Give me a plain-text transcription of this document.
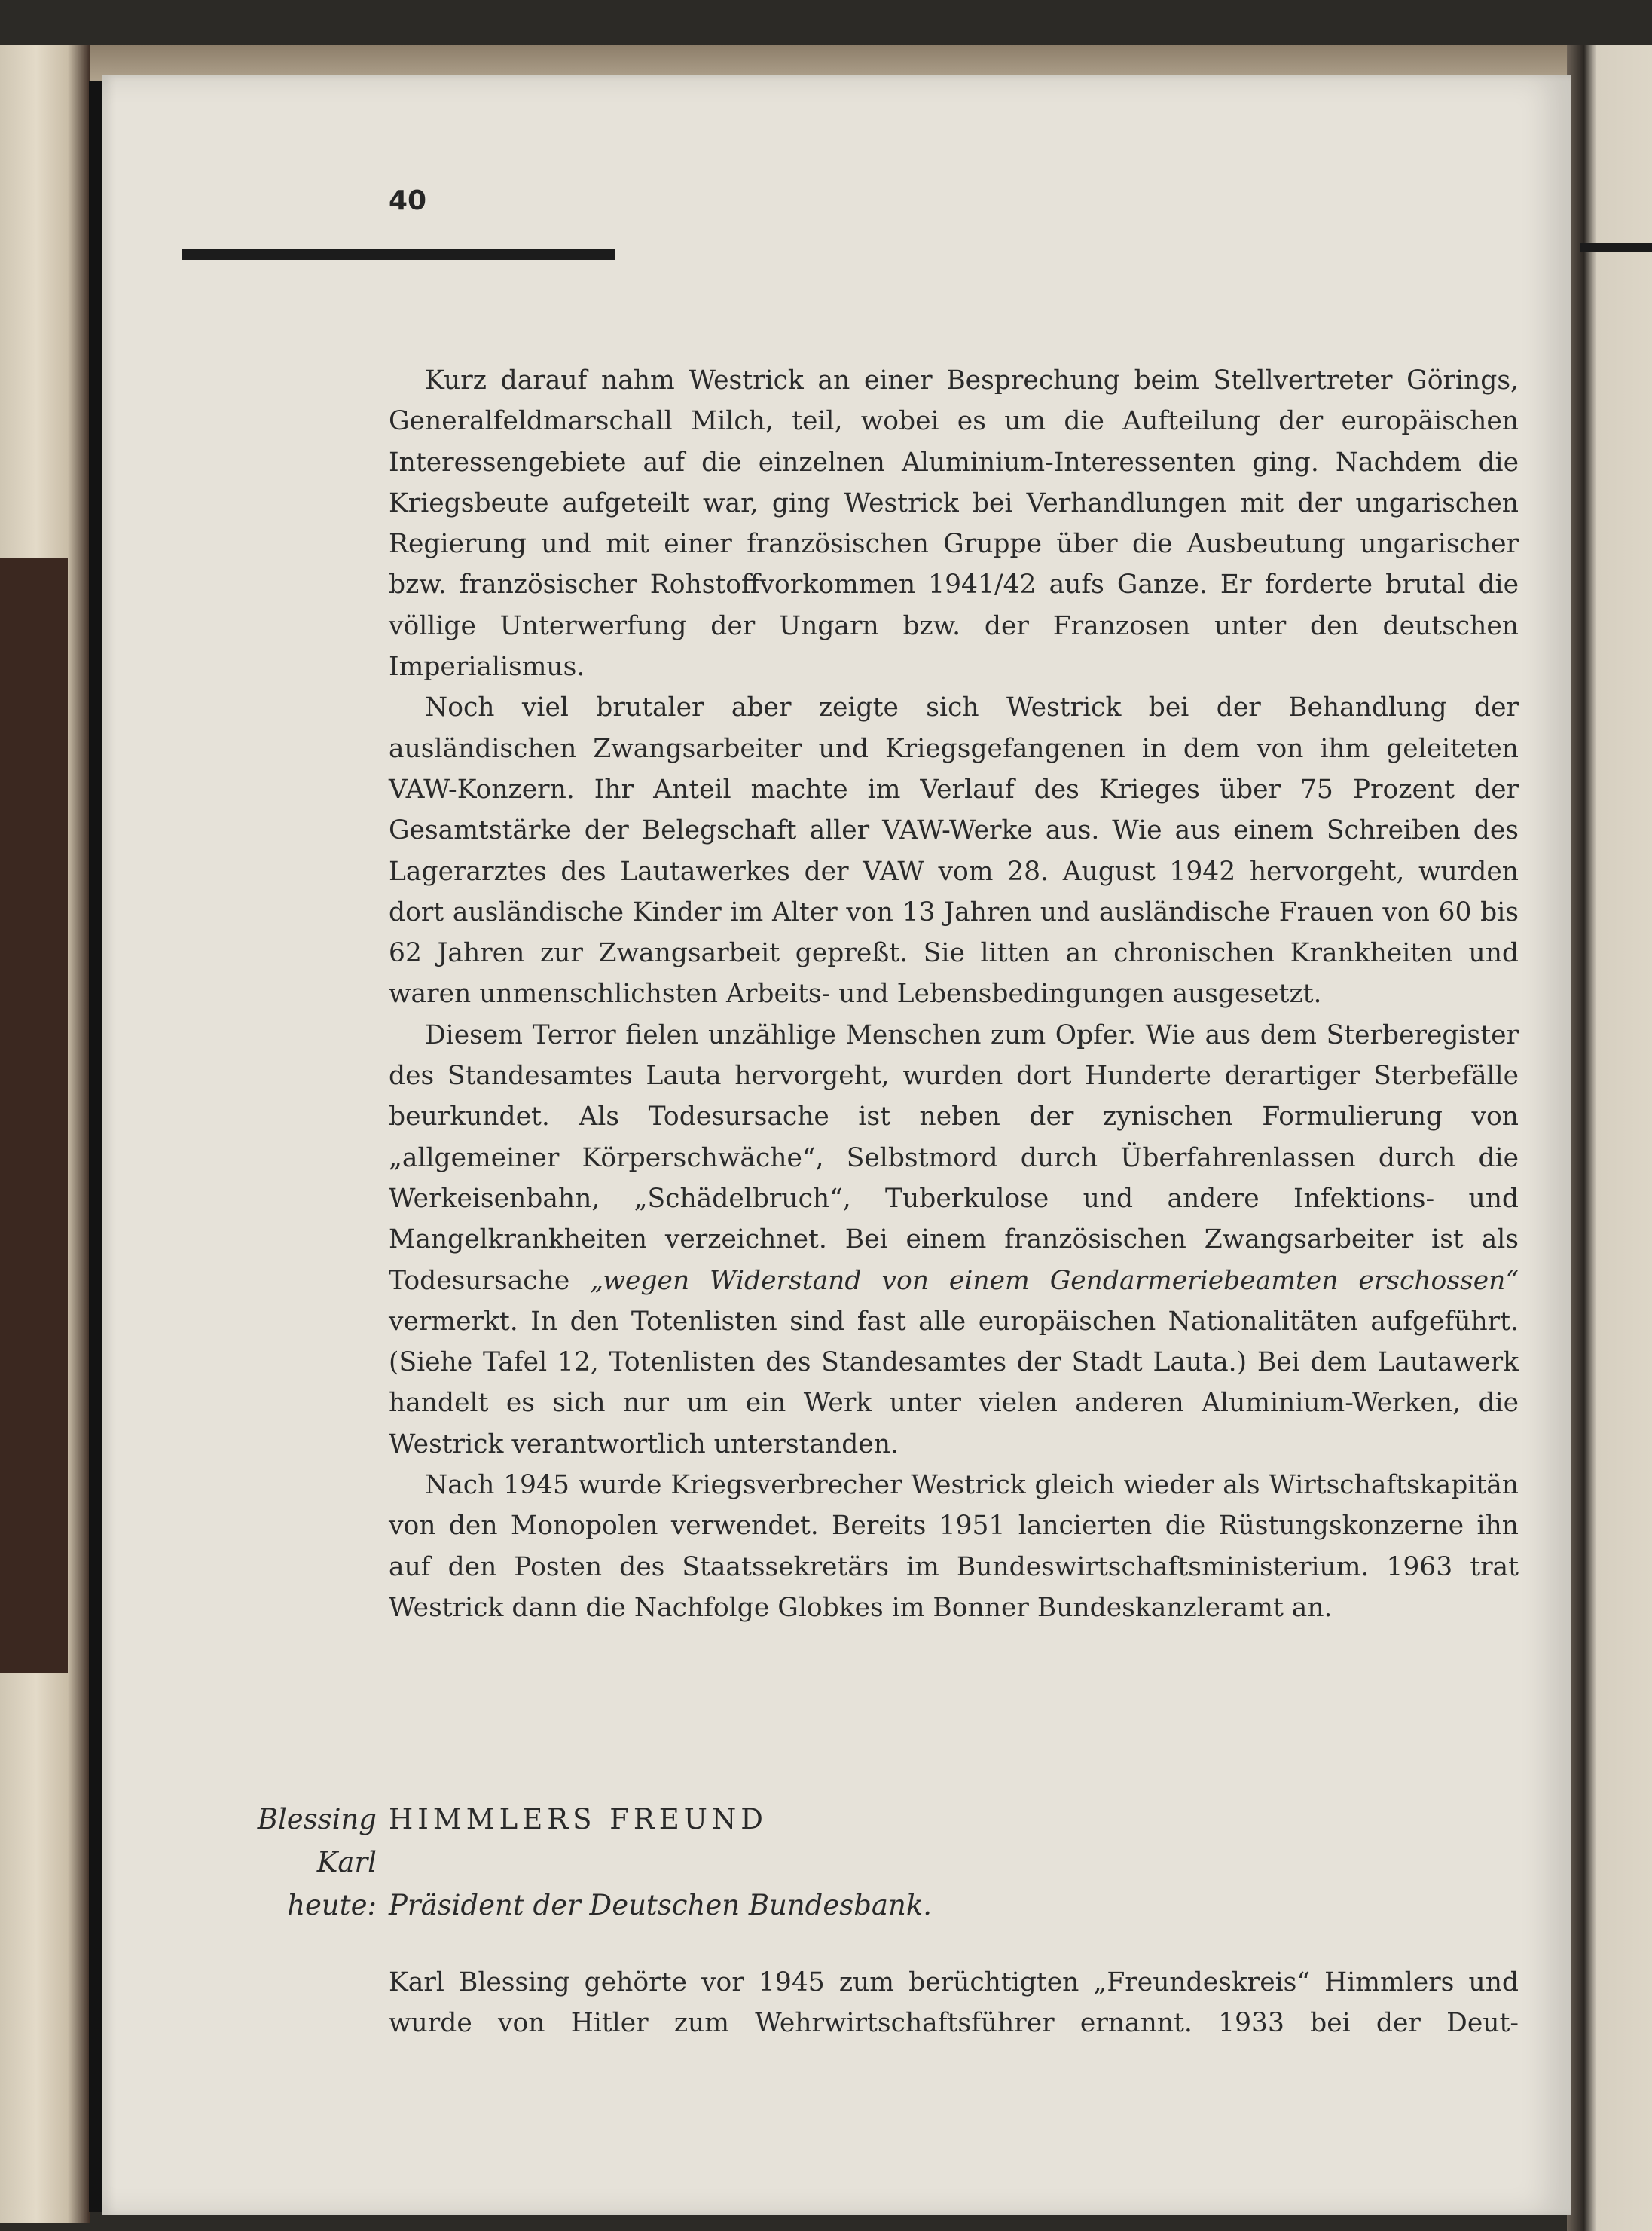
40

Kurz darauf nahm Westrick an einer Besprechung beim Stellvertreter Görings, Generalfeldmarschall Milch, teil, wobei es um die Aufteilung der europäischen Interessengebiete auf die einzelnen Aluminium-Interessenten ging. Nachdem die Kriegsbeute aufgeteilt war, ging Westrick bei Verhandlungen mit der ungarischen Regierung und mit einer französischen Gruppe über die Ausbeutung ungarischer bzw. französischer Rohstoffvorkommen 1941/42 aufs Ganze. Er forderte brutal die völlige Unterwerfung der Ungarn bzw. der Franzosen unter den deutschen Imperialismus.

Noch viel brutaler aber zeigte sich Westrick bei der Behandlung der ausländischen Zwangsarbeiter und Kriegsgefangenen in dem von ihm geleiteten VAW-Konzern. Ihr Anteil machte im Verlauf des Krieges über 75 Prozent der Gesamtstärke der Belegschaft aller VAW-Werke aus. Wie aus einem Schreiben des Lagerarztes des Lautawerkes der VAW vom 28. August 1942 hervorgeht, wurden dort ausländische Kinder im Alter von 13 Jahren und ausländische Frauen von 60 bis 62 Jahren zur Zwangsarbeit gepreßt. Sie litten an chronischen Krankheiten und waren unmenschlichsten Arbeits- und Lebensbedingungen ausgesetzt.

Diesem Terror fielen unzählige Menschen zum Opfer. Wie aus dem Sterberegister des Standesamtes Lauta hervorgeht, wurden dort Hunderte derartiger Sterbefälle beurkundet. Als Todesursache ist neben der zynischen Formulierung von „allgemeiner Körperschwäche“, Selbstmord durch Überfahrenlassen durch die Werkeisenbahn, „Schädelbruch“, Tuberkulose und andere Infektions- und Mangelkrankheiten verzeichnet. Bei einem französischen Zwangsarbeiter ist als Todesursache „wegen Widerstand von einem Gendarmeriebeamten erschossen“ vermerkt. In den Totenlisten sind fast alle europäischen Nationalitäten aufgeführt. (Siehe Tafel 12, Totenlisten des Standesamtes der Stadt Lauta.) Bei dem Lautawerk handelt es sich nur um ein Werk unter vielen anderen Aluminium-Werken, die Westrick verantwortlich unterstanden.

Nach 1945 wurde Kriegsverbrecher Westrick gleich wieder als Wirtschaftskapitän von den Monopolen verwendet. Bereits 1951 lancierten die Rüstungskonzerne ihn auf den Posten des Staatssekretärs im Bundeswirtschaftsministerium. 1963 trat Westrick dann die Nachfolge Globkes im Bonner Bundeskanzleramt an.

Blessing
Karl
heute:
HIMMLERS FREUND
Präsident der Deutschen Bundesbank.

Karl Blessing gehörte vor 1945 zum berüchtigten „Freundeskreis“ Himmlers und wurde von Hitler zum Wehrwirtschaftsführer ernannt. 1933 bei der Deut-
